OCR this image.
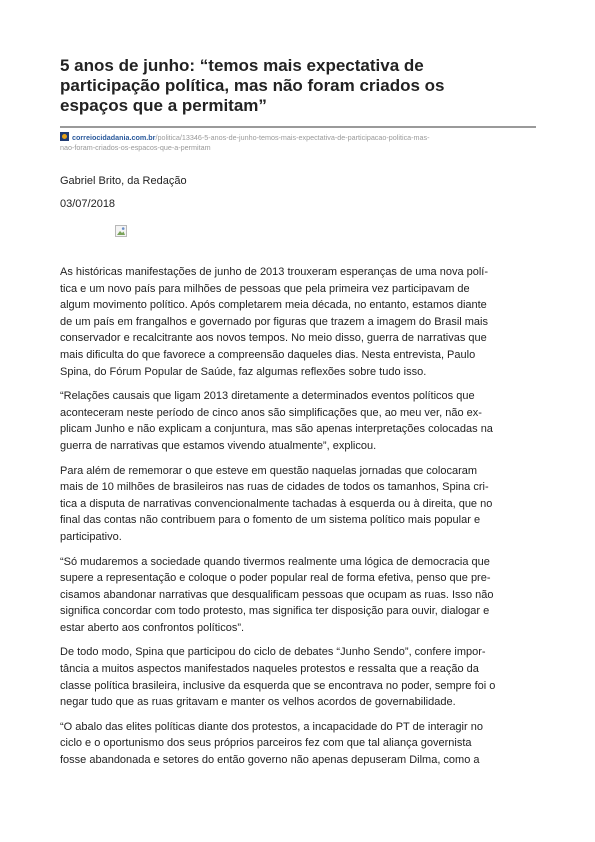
5 anos de junho: “temos mais expectativa de
participação política, mas não foram criados os
espaços que a permitam”
correiocidadania.com.br/politica/13346-5-anos-de-junho-temos-mais-expectativa-de-participacao-politica-mas-
nao-foram-criados-os-espacos-que-a-permitam
Gabriel Brito, da Redação
03/07/2018

As históricas manifestações de junho de 2013 trouxeram esperanças de uma nova polí-
tica e um novo país para milhões de pessoas que pela primeira vez participavam de
algum movimento político. Após completarem meia década, no entanto, estamos diante
de um país em frangalhos e governado por figuras que trazem a imagem do Brasil mais
conservador e recalcitrante aos novos tempos. No meio disso, guerra de narrativas que
mais dificulta do que favorece a compreensão daqueles dias. Nesta entrevista, Paulo
Spina, do Fórum Popular de Saúde, faz algumas reflexões sobre tudo isso.

“Relações causais que ligam 2013 diretamente a determinados eventos políticos que
aconteceram neste período de cinco anos são simplificações que, ao meu ver, não ex-
plicam Junho e não explicam a conjuntura, mas são apenas interpretações colocadas na
guerra de narrativas que estamos vivendo atualmente”, explicou.

Para além de rememorar o que esteve em questão naquelas jornadas que colocaram
mais de 10 milhões de brasileiros nas ruas de cidades de todos os tamanhos, Spina cri-
tica a disputa de narrativas convencionalmente tachadas à esquerda ou à direita, que no
final das contas não contribuem para o fomento de um sistema político mais popular e
participativo.

“Só mudaremos a sociedade quando tivermos realmente uma lógica de democracia que
supere a representação e coloque o poder popular real de forma efetiva, penso que pre-
cisamos abandonar narrativas que desqualificam pessoas que ocupam as ruas. Isso não
significa concordar com todo protesto, mas significa ter disposição para ouvir, dialogar e
estar aberto aos confrontos políticos”.

De todo modo, Spina que participou do ciclo de debates “Junho Sendo”, confere impor-
tância a muitos aspectos manifestados naqueles protestos e ressalta que a reação da
classe política brasileira, inclusive da esquerda que se encontrava no poder, sempre foi o
negar tudo que as ruas gritavam e manter os velhos acordos de governabilidade.

“O abalo das elites políticas diante dos protestos, a incapacidade do PT de interagir no
ciclo e o oportunismo dos seus próprios parceiros fez com que tal aliança governista
fosse abandonada e setores do então governo não apenas depuseram Dilma, como a
